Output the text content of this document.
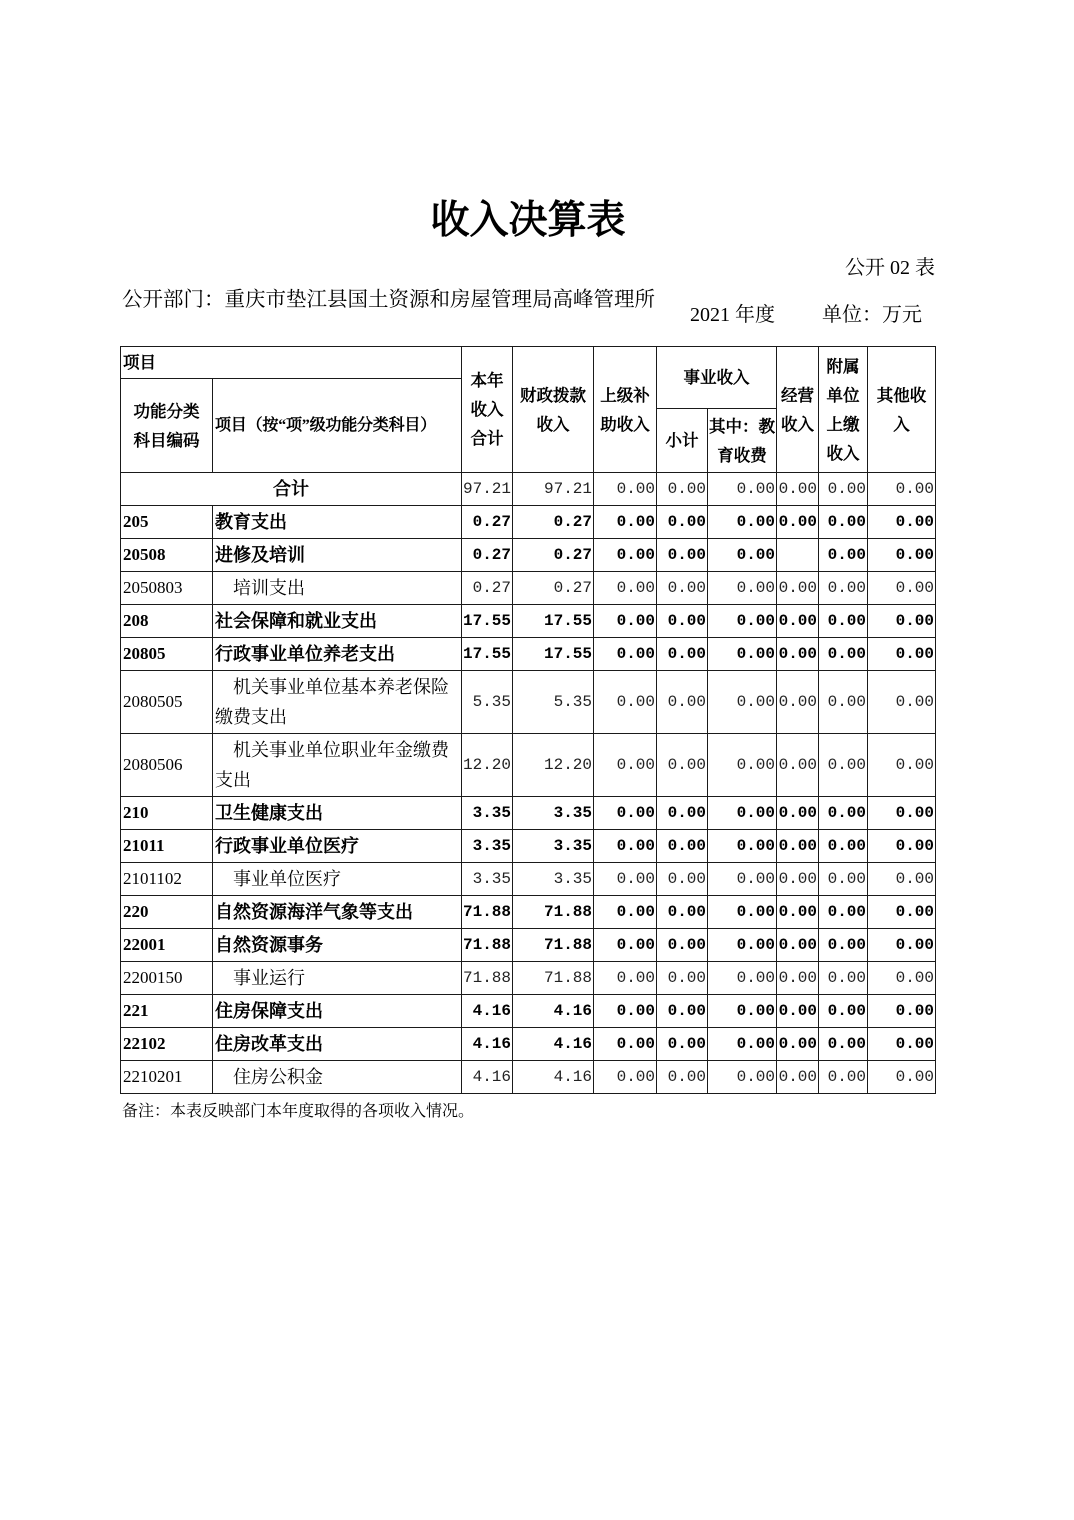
收入决算表
公开 02 表
公开部门：重庆市垫江县国土资源和房屋管理局高峰管理所
2021 年度 单位：万元
项目		本年收入合计	财政拨款收入	上级补助收入	事业收入		经营收入	附属单位上缴收入	其他收入
功能分类科目编码	项目（按“项”级功能分类科目）								
					小计	其中：教育收费			
合计		97.21	97.21	0.00	0.00	0.00	0.00	0.00	0.00
205	教育支出	0.27	0.27	0.00	0.00	0.00	0.00	0.00	0.00
20508	进修及培训	0.27	0.27	0.00	0.00	0.00		0.00	0.00
2050803	培训支出	0.27	0.27	0.00	0.00	0.00	0.00	0.00	0.00
208	社会保障和就业支出	17.55	17.55	0.00	0.00	0.00	0.00	0.00	0.00
20805	行政事业单位养老支出	17.55	17.55	0.00	0.00	0.00	0.00	0.00	0.00
2080505	机关事业单位基本养老保险缴费支出	5.35	5.35	0.00	0.00	0.00	0.00	0.00	0.00
2080506	机关事业单位职业年金缴费支出	12.20	12.20	0.00	0.00	0.00	0.00	0.00	0.00
210	卫生健康支出	3.35	3.35	0.00	0.00	0.00	0.00	0.00	0.00
21011	行政事业单位医疗	3.35	3.35	0.00	0.00	0.00	0.00	0.00	0.00
2101102	事业单位医疗	3.35	3.35	0.00	0.00	0.00	0.00	0.00	0.00
220	自然资源海洋气象等支出	71.88	71.88	0.00	0.00	0.00	0.00	0.00	0.00
22001	自然资源事务	71.88	71.88	0.00	0.00	0.00	0.00	0.00	0.00
2200150	事业运行	71.88	71.88	0.00	0.00	0.00	0.00	0.00	0.00
221	住房保障支出	4.16	4.16	0.00	0.00	0.00	0.00	0.00	0.00
22102	住房改革支出	4.16	4.16	0.00	0.00	0.00	0.00	0.00	0.00
2210201	住房公积金	4.16	4.16	0.00	0.00	0.00	0.00	0.00	0.00
备注：本表反映部门本年度取得的各项收入情况。
